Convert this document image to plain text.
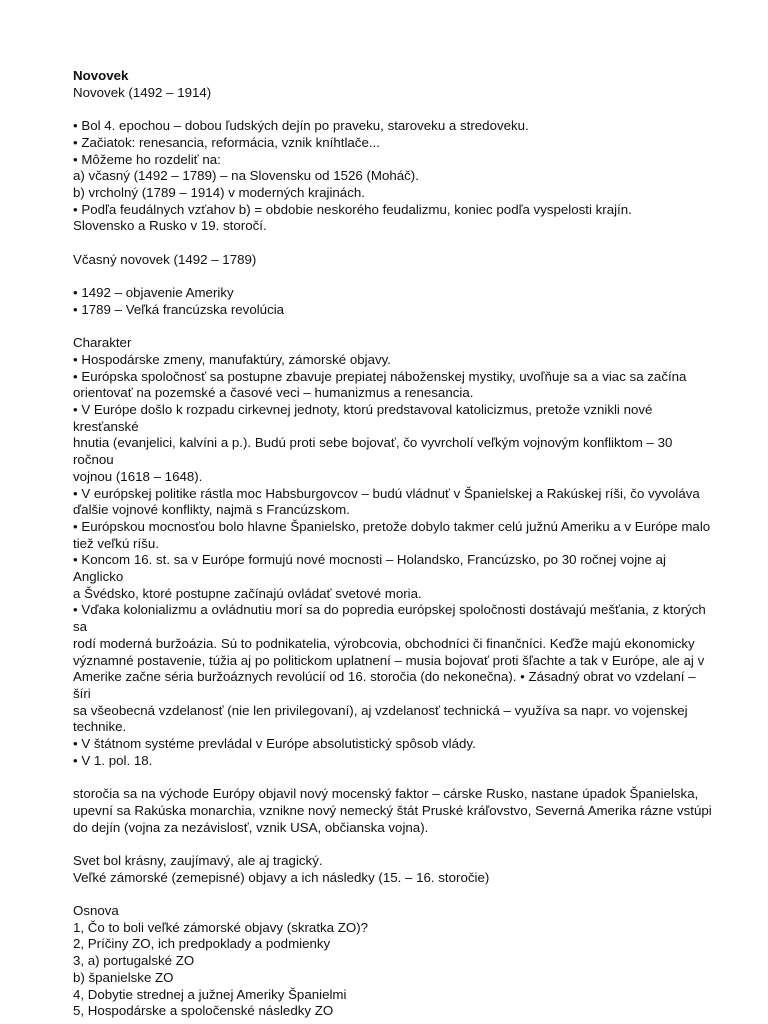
Novovek
Novovek (1492 – 1914)
• Bol 4. epochou – dobou ľudských dejín po praveku, staroveku a stredoveku.
• Začiatok: renesancia, reformácia, vznik kníhtlače...
• Môžeme ho rozdeliť na:
a) včasný (1492 – 1789) – na Slovensku od 1526 (Moháč).
b) vrcholný (1789 – 1914) v moderných krajinách.
• Podľa feudálnych vzťahov b) = obdobie neskorého feudalizmu, koniec podľa vyspelosti krajín.
Slovensko a Rusko v 19. storočí.
Včasný novovek (1492 – 1789)
• 1492 – objavenie Ameriky
• 1789 – Veľká francúzska revolúcia
Charakter
• Hospodárske zmeny, manufaktúry, zámorské objavy.
• Európska spoločnosť sa postupne zbavuje prepiatej náboženskej mystiky, uvoľňuje sa a viac sa začína
orientovať na pozemské a časové veci – humanizmus a renesancia.
• V Európe došlo k rozpadu cirkevnej jednoty, ktorú predstavoval katolicizmus, pretože vznikli nové kresťanské
hnutia (evanjelici, kalvíni a p.). Budú proti sebe bojovať, čo vyvrcholí veľkým vojnovým konfliktom – 30 ročnou
vojnou (1618 – 1648).
• V európskej politike rástla moc Habsburgovcov – budú vládnuť v Španielskej a Rakúskej ríši, čo vyvoláva
ďalšie vojnové konflikty, najmä s Francúzskom.
• Európskou mocnosťou bolo hlavne Španielsko, pretože dobylo takmer celú južnú Ameriku a v Európe malo
tiež veľkú ríšu.
• Koncom 16. st. sa v Európe formujú nové mocnosti – Holandsko, Francúzsko, po 30 ročnej vojne aj Anglicko
a Švédsko, ktoré postupne začínajú ovládať svetové moria.
• Vďaka kolonializmu a ovládnutiu morí sa do popredia európskej spoločnosti dostávajú mešťania, z ktorých sa
rodí moderná buržoázia. Sú to podnikatelia, výrobcovia, obchodníci či finančníci. Keďže majú ekonomicky
významné postavenie, túžia aj po politickom uplatnení – musia bojovať proti šľachte a tak v Európe, ale aj v
Amerike začne séria buržoáznych revolúcií od 16. storočia (do nekonečna). • Zásadný obrat vo vzdelaní – šíri
sa všeobecná vzdelanosť (nie len privilegovaní), aj vzdelanosť technická – využíva sa napr. vo vojenskej
technike.
• V štátnom systéme prevládal v Európe absolutistický spôsob vlády.
• V 1. pol. 18.
storočia sa na východe Európy objavil nový mocenský faktor – cárske Rusko, nastane úpadok Španielska,
upevní sa Rakúska monarchia, vznikne nový nemecký štát Pruské kráľovstvo, Severná Amerika rázne vstúpi
do dejín (vojna za nezávislosť, vznik USA, občianska vojna).
Svet bol krásny, zaujímavý, ale aj tragický.
Veľké zámorské (zemepisné) objavy a ich následky (15. – 16. storočie)
Osnova
1, Čo to boli veľké zámorské objavy (skratka ZO)?
2, Príčiny ZO, ich predpoklady a podmienky
3, a) portugalské ZO
b) španielske ZO
4, Dobytie strednej a južnej Ameriky Španielmi
5, Hospodárske a spoločenské následky ZO
